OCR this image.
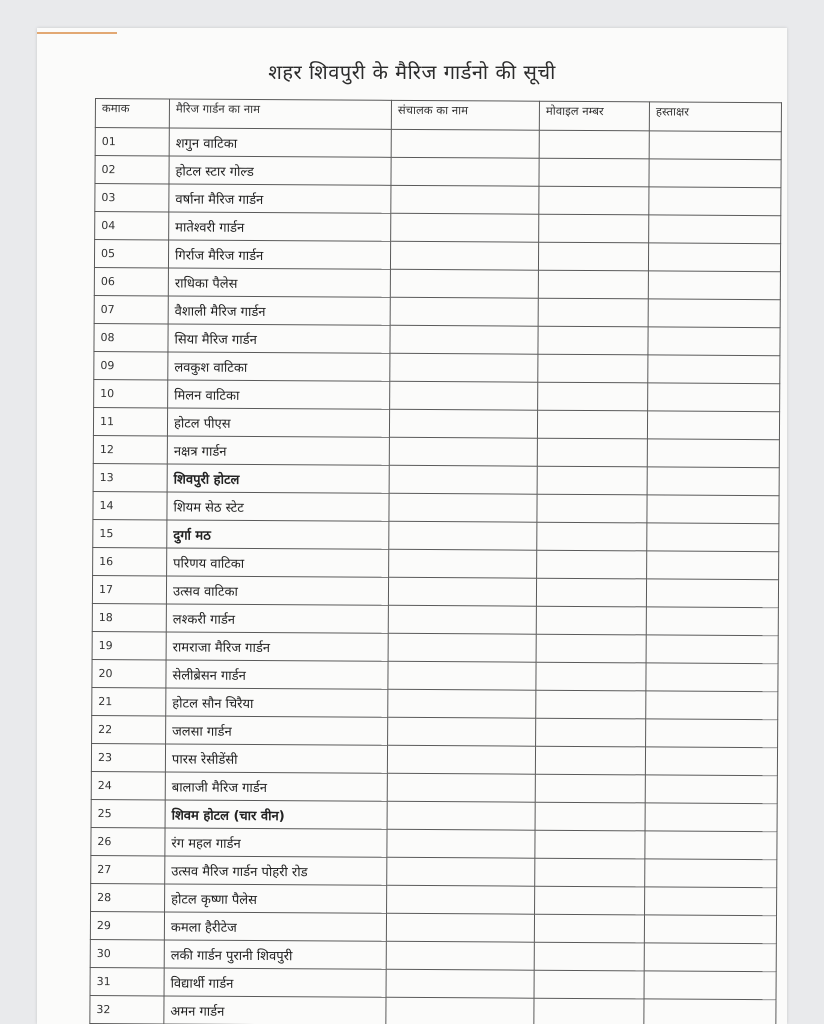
शहर शिवपुरी के मैरिज गार्डनो की सूची
कमाक	मैरिज गार्डन का नाम	संचालक का नाम	मोवाइल नम्बर	हस्ताक्षर
01	शगुन वाटिका			
02	होटल स्टार गोल्ड			
03	वर्षाना मैरिज गार्डन			
04	मातेश्वरी गार्डन			
05	गिर्राज मैरिज गार्डन			
06	राधिका पैलेस			
07	वैशाली मैरिज गार्डन			
08	सिया मैरिज गार्डन			
09	लवकुश वाटिका			
10	मिलन वाटिका			
11	होटल पीएस			
12	नक्षत्र गार्डन			
13	शिवपुरी होटल			
14	शियम सेठ स्टेट			
15	दुर्गा मठ			
16	परिणय वाटिका			
17	उत्सव वाटिका			
18	लश्करी गार्डन			
19	रामराजा मैरिज गार्डन			
20	सेलीब्रेसन गार्डन			
21	होटल सौन चिरैया			
22	जलसा गार्डन			
23	पारस रेसीडेंसी			
24	बालाजी मैरिज गार्डन			
25	शिवम होटल (चार वीन)			
26	रंग महल गार्डन			
27	उत्सव मैरिज गार्डन पोहरी रोड			
28	होटल कृष्णा पैलेस			
29	कमला हैरीटेज			
30	लकी गार्डन पुरानी शिवपुरी			
31	विद्यार्थी गार्डन			
32	अमन गार्डन			
